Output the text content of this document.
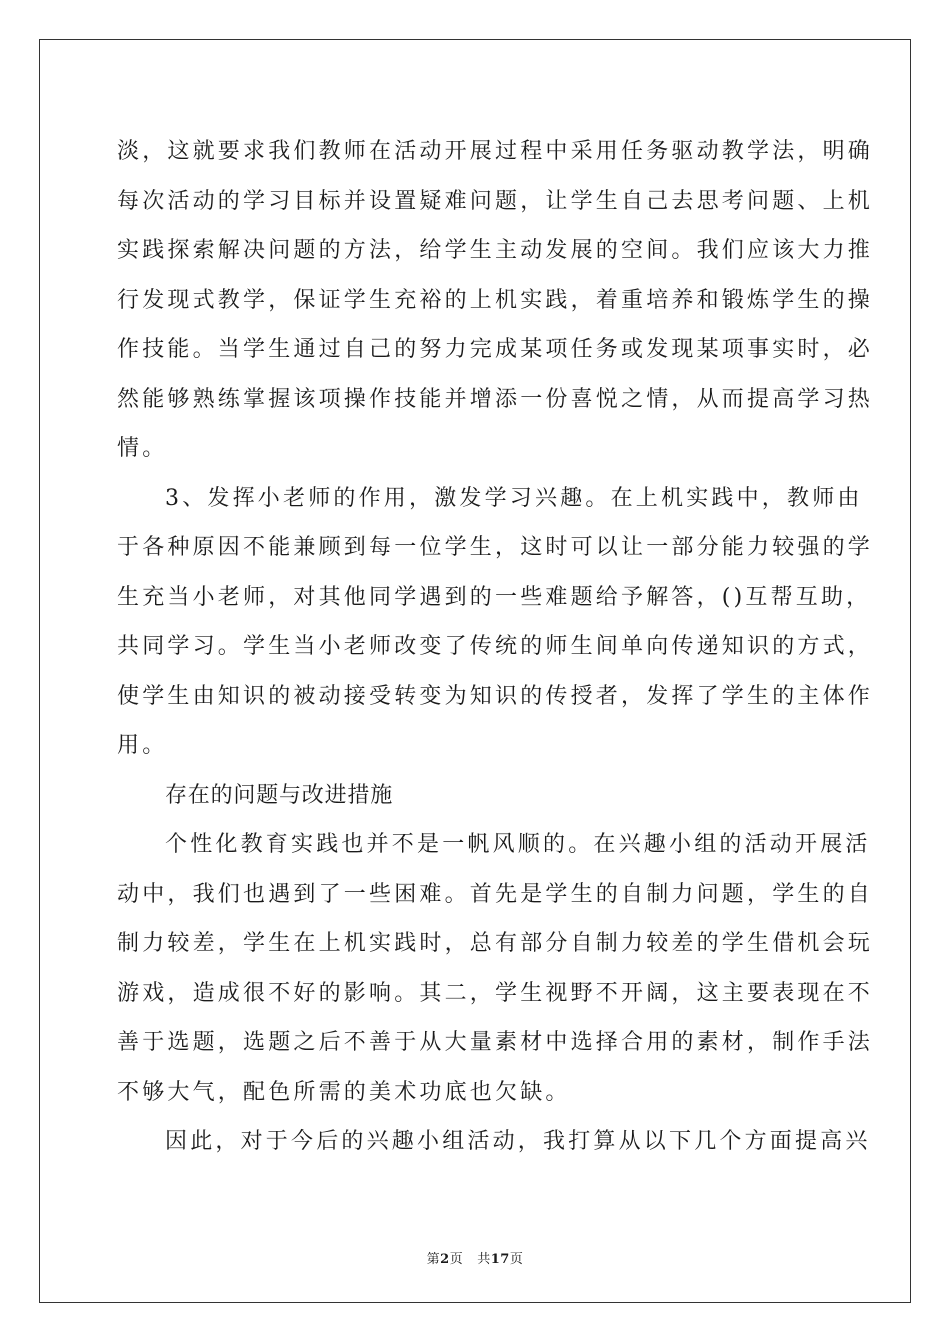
淡，这就要求我们教师在活动开展过程中采用任务驱动教学法，明确
每次活动的学习目标并设置疑难问题，让学生自己去思考问题、上机
实践探索解决问题的方法，给学生主动发展的空间。我们应该大力推
行发现式教学，保证学生充裕的上机实践，着重培养和锻炼学生的操
作技能。当学生通过自己的努力完成某项任务或发现某项事实时，必
然能够熟练掌握该项操作技能并增添一份喜悦之情，从而提高学习热
情。
3、发挥小老师的作用，激发学习兴趣。在上机实践中，教师由
于各种原因不能兼顾到每一位学生，这时可以让一部分能力较强的学
生充当小老师，对其他同学遇到的一些难题给予解答，()互帮互助，
共同学习。学生当小老师改变了传统的师生间单向传递知识的方式，
使学生由知识的被动接受转变为知识的传授者，发挥了学生的主体作
用。
存在的问题与改进措施
个性化教育实践也并不是一帆风顺的。在兴趣小组的活动开展活
动中，我们也遇到了一些困难。首先是学生的自制力问题，学生的自
制力较差，学生在上机实践时，总有部分自制力较差的学生借机会玩
游戏，造成很不好的影响。其二，学生视野不开阔，这主要表现在不
善于选题，选题之后不善于从大量素材中选择合用的素材，制作手法
不够大气，配色所需的美术功底也欠缺。
因此，对于今后的兴趣小组活动，我打算从以下几个方面提高兴
第2页 共17页
